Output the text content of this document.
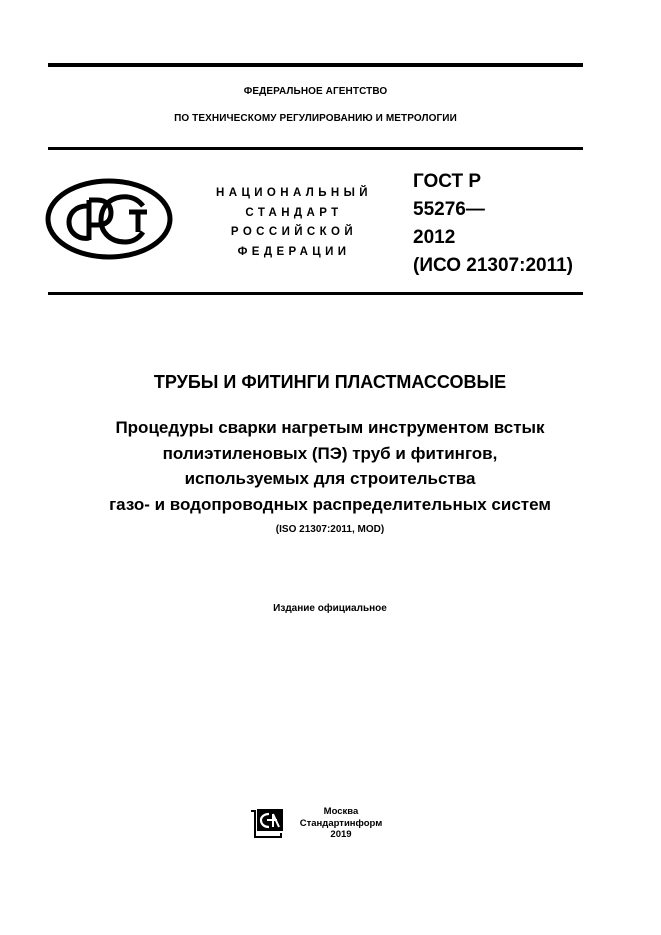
ФЕДЕРАЛЬНОЕ АГЕНТСТВО
ПО ТЕХНИЧЕСКОМУ РЕГУЛИРОВАНИЮ И МЕТРОЛОГИИ
НАЦИОНАЛЬНЫЙ
СТАНДАРТ
РОССИЙСКОЙ
ФЕДЕРАЦИИ
ГОСТ Р
55276—
2012
(ИСО 21307:2011)
ТРУБЫ И ФИТИНГИ ПЛАСТМАССОВЫЕ
Процедуры сварки нагретым инструментом встык
полиэтиленовых (ПЭ) труб и фитингов,
используемых для строительства
газо- и водопроводных распределительных систем
(ISO 21307:2011, MOD)
Издание официальное
Москва
Стандартинформ
2019
